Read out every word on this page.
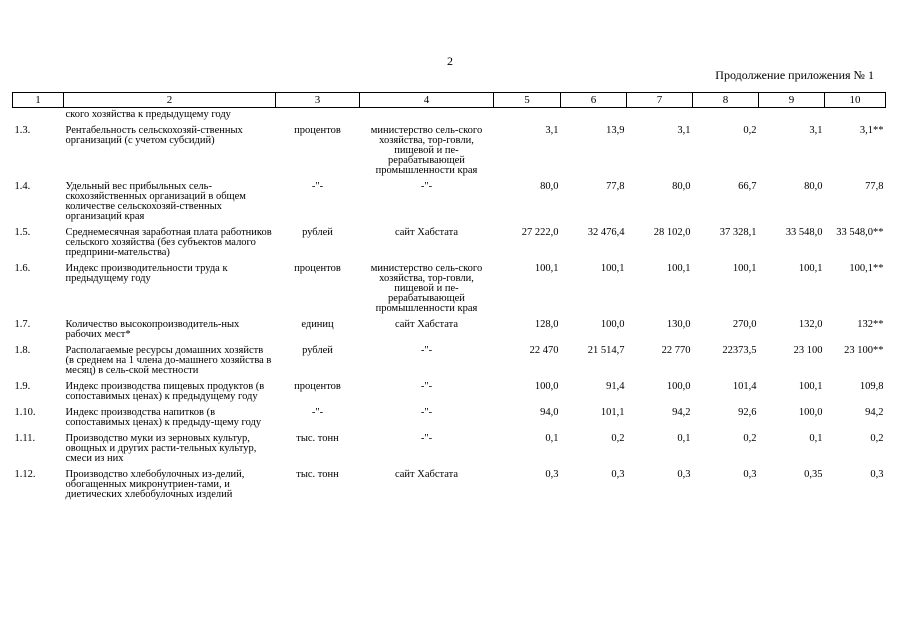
2
Продолжение приложения № 1
1	2	3	4	5	6	7	8	9	10
	ского хозяйства к предыдущему году								
1.3.	Рентабельность сельскохозяй-ственных организаций (с учетом субсидий)	процентов	министерство сель-ского хозяйства, тор-говли, пищевой и пе-рерабатывающей промышленности края	3,1	13,9	3,1	0,2	3,1	3,1**
1.4.	Удельный вес прибыльных сель-скохозяйственных организаций в общем количестве сельскохозяй-ственных организаций края	-"-	-"-	80,0	77,8	80,0	66,7	80,0	77,8
1.5.	Среднемесячная заработная плата работников сельского хозяйства (без субъектов малого предприни-мательства)	рублей	сайт Хабстата	27 222,0	32 476,4	28 102,0	37 328,1	33 548,0	33 548,0**
1.6.	Индекс производительности труда к предыдущему году	процентов	министерство сель-ского хозяйства, тор-говли, пищевой и пе-рерабатывающей промышленности края	100,1	100,1	100,1	100,1	100,1	100,1**
1.7.	Количество высокопроизводитель-ных рабочих мест*	единиц	сайт Хабстата	128,0	100,0	130,0	270,0	132,0	132**
1.8.	Располагаемые ресурсы домашних хозяйств (в среднем на 1 члена до-машнего хозяйства в месяц) в сель-ской местности	рублей	-"-	22 470	21 514,7	22 770	22373,5	23 100	23 100**
1.9.	Индекс производства пищевых продуктов (в сопоставимых ценах) к предыдущему году	процентов	-"-	100,0	91,4	100,0	101,4	100,1	109,8
1.10.	Индекс производства напитков (в сопоставимых ценах) к предыду-щему году	-"-	-"-	94,0	101,1	94,2	92,6	100,0	94,2
1.11.	Производство муки из зерновых культур, овощных и других расти-тельных культур, смеси из них	тыс. тонн	-"-	0,1	0,2	0,1	0,2	0,1	0,2
1.12.	Производство хлебобулочных из-делий, обогащенных микронутриен-тами, и диетических хлебобулочных изделий	тыс. тонн	сайт Хабстата	0,3	0,3	0,3	0,3	0,35	0,3
